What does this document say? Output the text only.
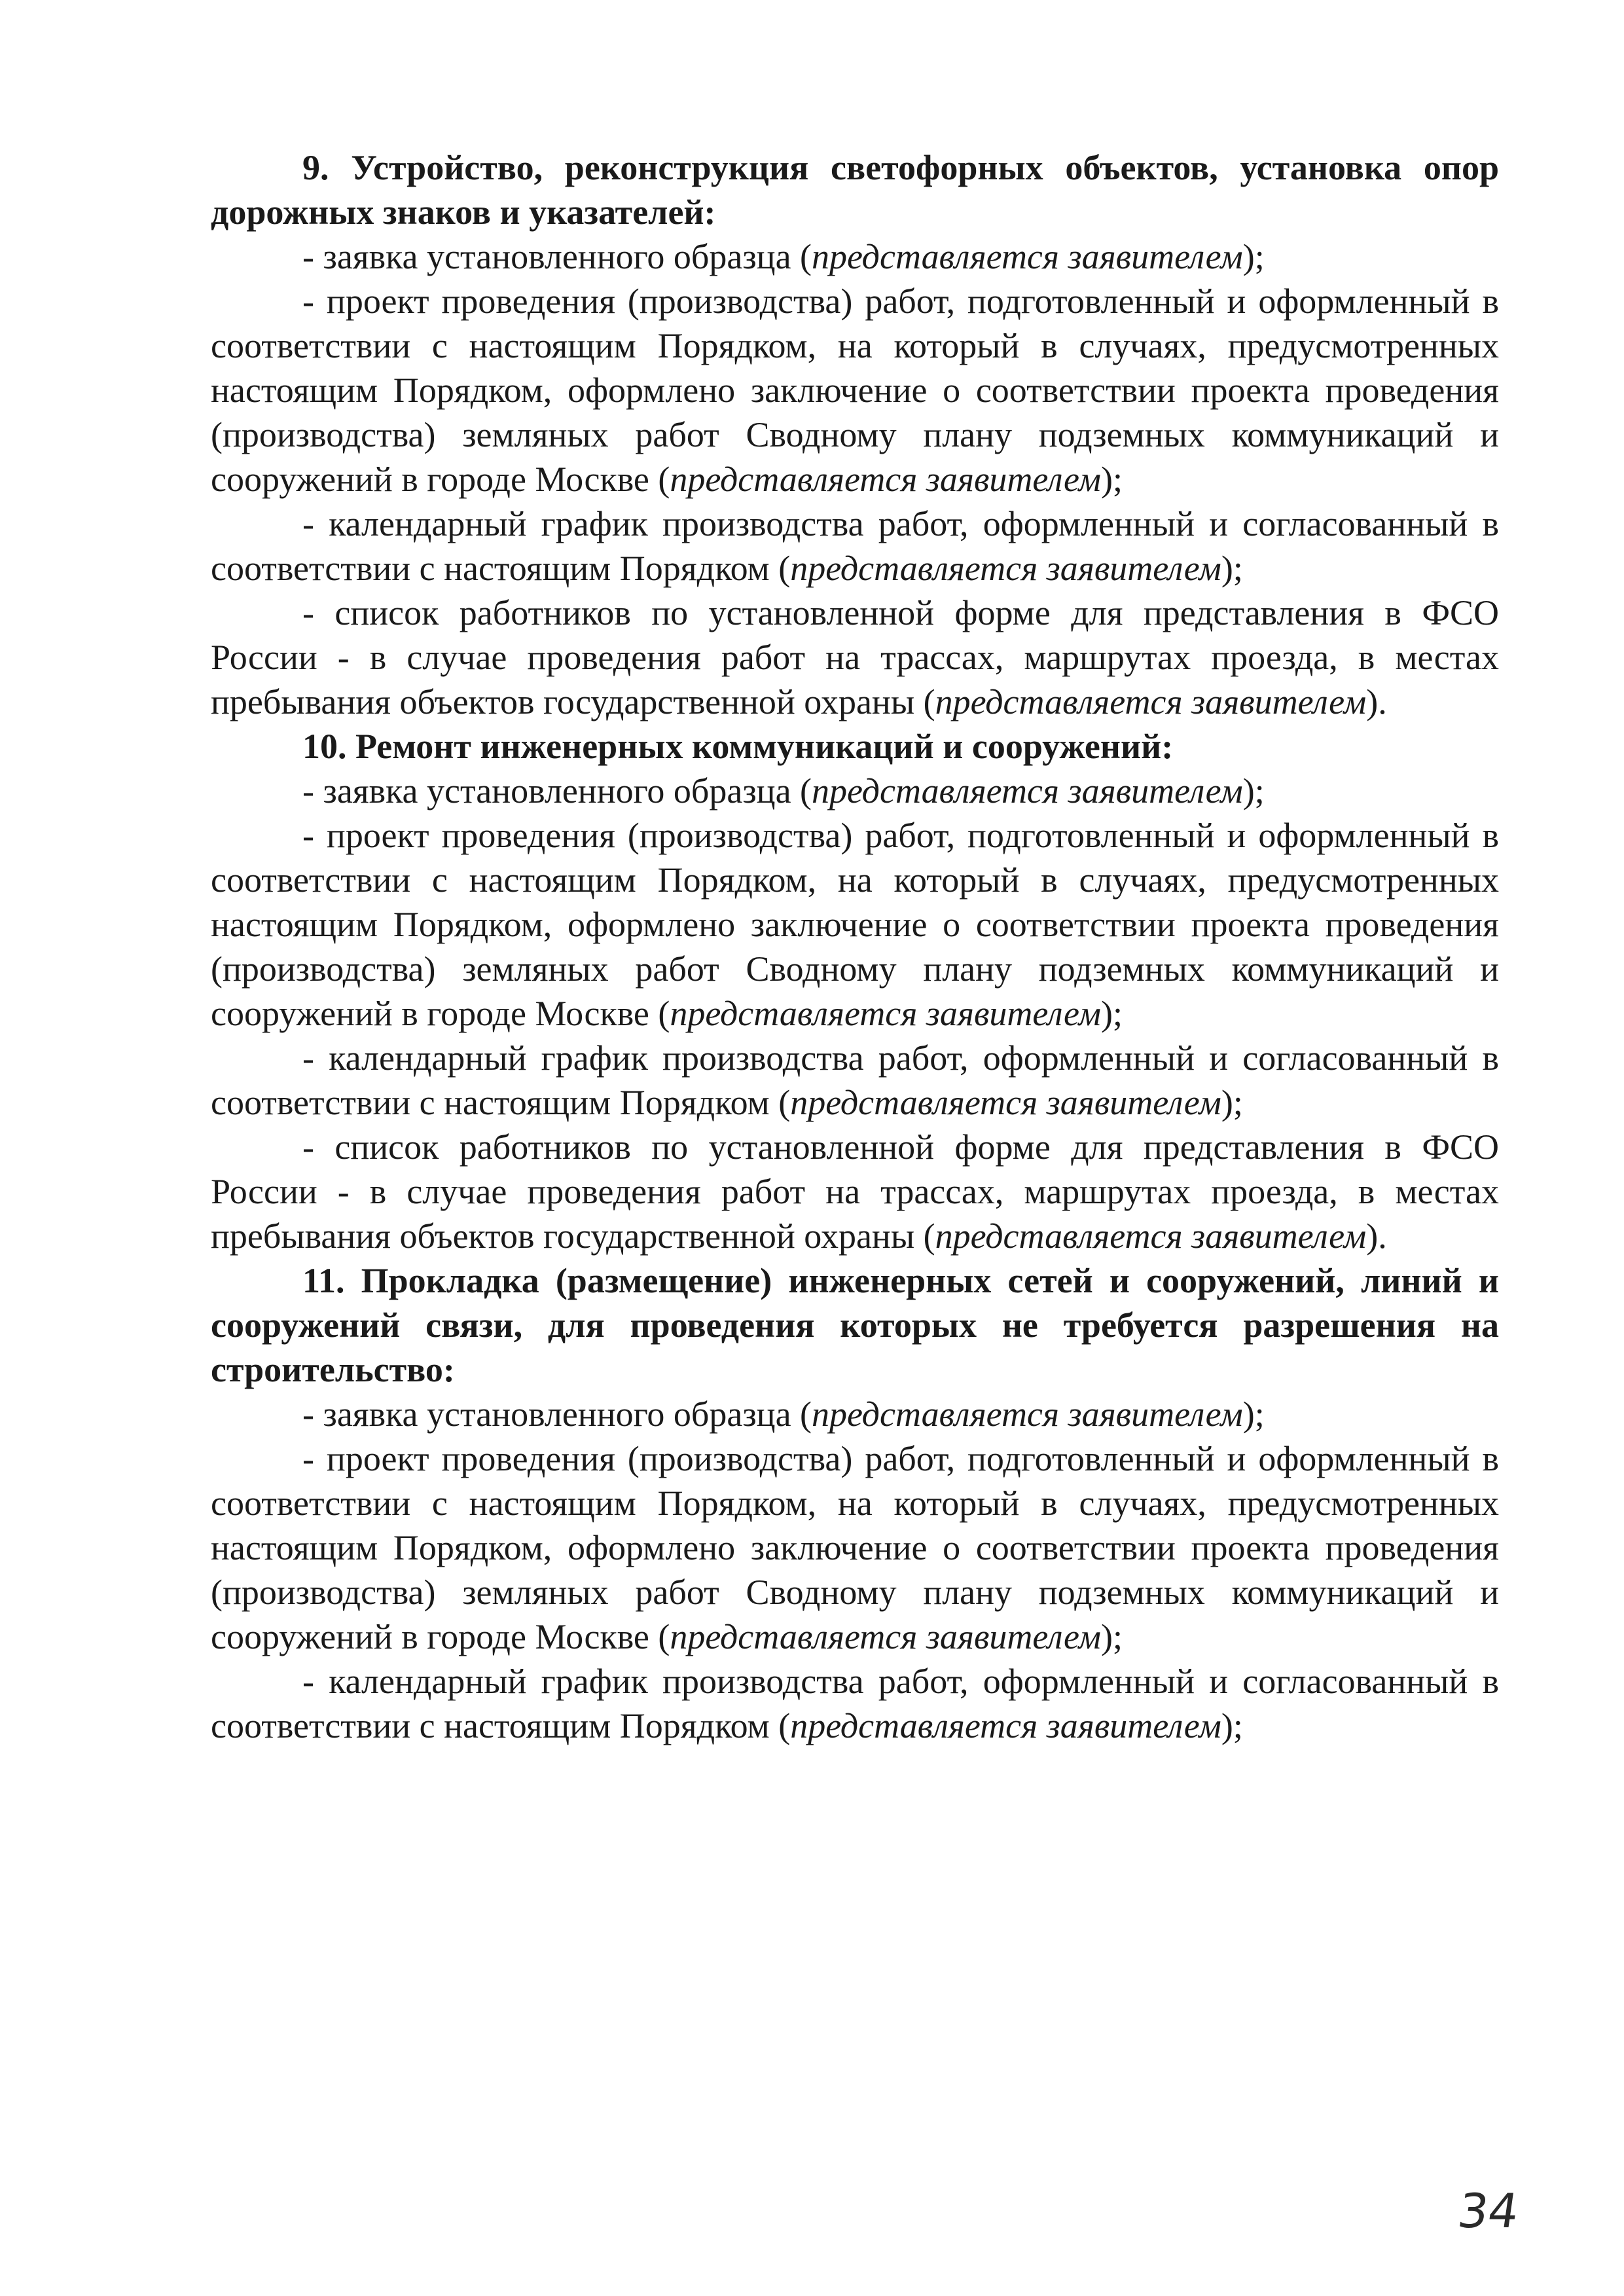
9. Устройство, реконструкция светофорных объектов, установка опор дорожных знаков и указателей:

- заявка установленного образца (представляется заявителем);

- проект проведения (производства) работ, подготовленный и оформленный в соответствии с настоящим Порядком, на который в случаях, предусмотренных настоящим Порядком, оформлено заключение о соответствии проекта проведения (производства) земляных работ Сводному плану подземных коммуникаций и сооружений в городе Москве (представляется заявителем);

- календарный график производства работ, оформленный и согласованный в соответствии с настоящим Порядком (представляется заявителем);

- список работников по установленной форме для представления в ФСО России - в случае проведения работ на трассах, маршрутах проезда, в местах пребывания объектов государственной охраны (представляется заявителем).

10. Ремонт инженерных коммуникаций и сооружений:

- заявка установленного образца (представляется заявителем);

- проект проведения (производства) работ, подготовленный и оформленный в соответствии с настоящим Порядком, на который в случаях, предусмотренных настоящим Порядком, оформлено заключение о соответствии проекта проведения (производства) земляных работ Сводному плану подземных коммуникаций и сооружений в городе Москве (представляется заявителем);

- календарный график производства работ, оформленный и согласованный в соответствии с настоящим Порядком (представляется заявителем);

- список работников по установленной форме для представления в ФСО России - в случае проведения работ на трассах, маршрутах проезда, в местах пребывания объектов государственной охраны (представляется заявителем).

11. Прокладка (размещение) инженерных сетей и сооружений, линий и сооружений связи, для проведения которых не требуется разрешения на строительство:

- заявка установленного образца (представляется заявителем);

- проект проведения (производства) работ, подготовленный и оформленный в соответствии с настоящим Порядком, на который в случаях, предусмотренных настоящим Порядком, оформлено заключение о соответствии проекта проведения (производства) земляных работ Сводному плану подземных коммуникаций и сооружений в городе Москве (представляется заявителем);

- календарный график производства работ, оформленный и согласованный в соответствии с настоящим Порядком (представляется заявителем);

34
